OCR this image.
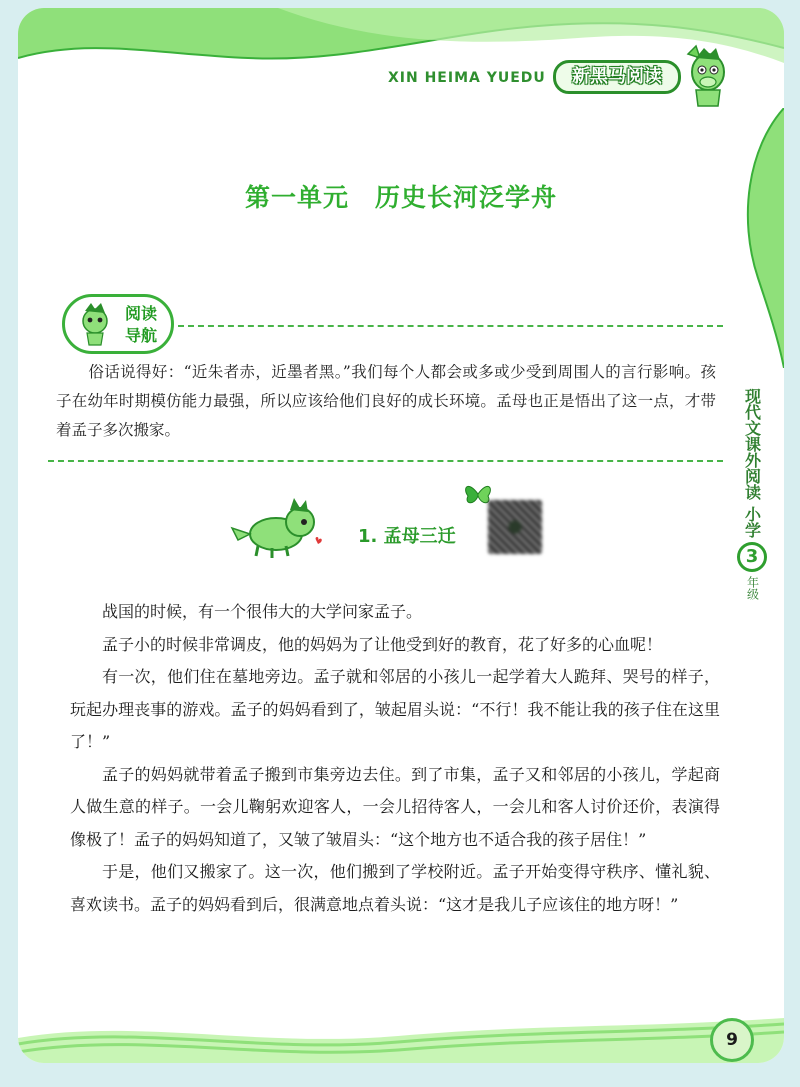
XIN HEIMA YUEDU	新黑马阅读
第一单元　历史长河泛学舟
阅读
导航

俗话说得好：“近朱者赤，近墨者黑。”我们每个人都会或多或少受到周围人的言行影响。孩子在幼年时期模仿能力最强，所以应该给他们良好的成长环境。孟母也正是悟出了这一点，才带着孟子多次搬家。

1. 孟母三迁

战国的时候，有一个很伟大的大学问家孟子。

孟子小的时候非常调皮，他的妈妈为了让他受到好的教育，花了好多的心血呢！

有一次，他们住在墓地旁边。孟子就和邻居的小孩儿一起学着大人跪拜、哭号的样子，玩起办理丧事的游戏。孟子的妈妈看到了，皱起眉头说：“不行！我不能让我的孩子住在这里了！”

孟子的妈妈就带着孟子搬到市集旁边去住。到了市集，孟子又和邻居的小孩儿，学起商人做生意的样子。一会儿鞠躬欢迎客人，一会儿招待客人，一会儿和客人讨价还价，表演得像极了！孟子的妈妈知道了，又皱了皱眉头：“这个地方也不适合我的孩子居住！”

于是，他们又搬家了。这一次，他们搬到了学校附近。孟子开始变得守秩序、懂礼貌、喜欢读书。孟子的妈妈看到后，很满意地点着头说：“这才是我儿子应该住的地方呀！”

现代文课外阅读
小学
3
年级
9
